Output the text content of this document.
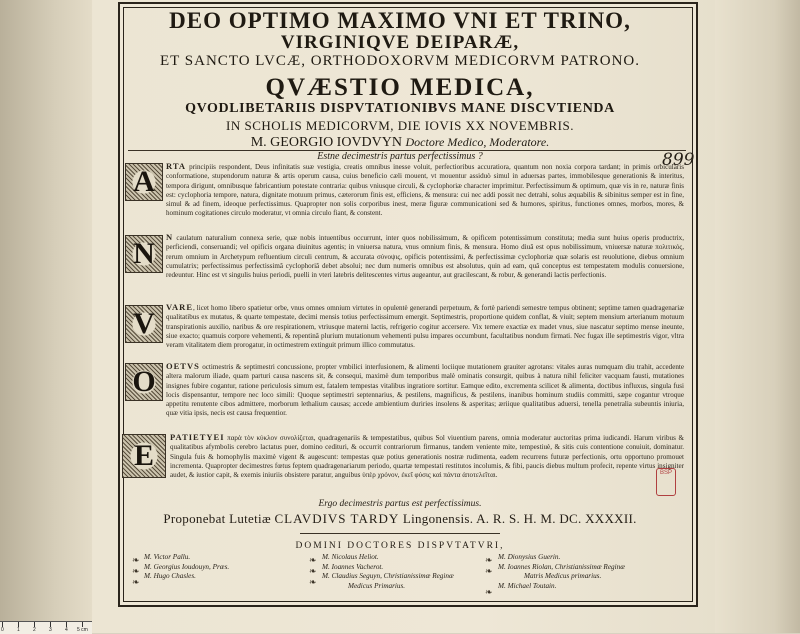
DEO OPTIMO MAXIMO VNI ET TRINO,
VIRGINIQVE DEIPARÆ,
ET SANCTO LVCÆ, ORTHODOXORVM MEDICORVM PATRONO.
QVÆSTIO MEDICA,
QVODLIBETARIIS DISPVTATIONIBVS MANE DISCVTIENDA
IN SCHOLIS MEDICORVM, DIE IOVIS XX NOVEMBRIS.
M. GEORGIO IOVDVYN Doctore Medico, Moderatore.
Estne decimestris partus perfectissimus ?	899
A	RTA principiis respondent, Deus infinitatis suæ vestigia, creatis omnibus inesse voluit, perfectioribus accuratiora, quantum non noxia corpora tardant; in primis orbicularis conformatione, stupendorum naturæ & artis operum causa, cuius beneficio cæli mouent, vt mouentur assiduò simul in aduersas partes, immobilesque generationis & interitus, tempora dirigunt, omnibusque fabricantium potestate contraria: quibus vniusque circuli, & cyclophoriæ character imprimitur. Perfectissimum & optimum, quæ vis in re, naturæ finis est: cyclophoria tempore, natura, dignitate motuum primus, cæterorum finis est, efficiens, & mensura: cui nec addi possit nec detrahi, solus æquabilis & sibinitus semper est in fine, simul & ad finem, ideoque perfectissimus. Quapropter non solis corporibus inest, meræ figuræ communicationi sed & humores, spiritus, functiones omnes, morbos, mores, & hominum cogitationes circulo moderatur, vt omnia circulo fiant, & constent.
N	N caulatum naturalium connexa serie, quæ nobis intuentibus occurrunt, inter quos nobilissimum, & opificem potentissimum constituta; media sunt huius operis productrix, perficiendi, conseruandi; vel opificis organa diuinitus agentis; in vniuersa natura, vnus omnium finis, & mensura. Homo diuâ est opus nobilissimum, vniuersæ naturæ πολιτικός, rerum omnium in Archetypum refluentium circuli centrum, & accurata σύνοψις, opificis potentissimi, & perfectissimæ cyclophoriæ quæ solaris est reuolutione, diebus omnium cumulatrix; perfectissimus perfectissimâ cyclophoriâ debet absolui; nec dum numeris omnibus est absolutus, quin ad eam, quâ conceptus est tempestatem modulis conuersione, redeuntur. Hinc est vt singulis huius periodi, puelli in vteri latebris delitescentes virtus augeantur, aut gracilescant, & robur, & generandi lactis perfectionis.
V	VARE, licet homo libero spatietur orbe, vnus omnes omnium virtutes in opulentè generandi perpetuum, & fortè pariendi semestre tempus obtinent; septime tamen quadragenariæ qualitatibus ex mutatus, & quarte tempestate, decimi mensis totius perfectissimum emergit. Septimestris, proportione quidem conflat, & viuit; septem mensium arterianum motuum transpirationis auxilio, naribus & ore respirationem, vtriusque materni lactis, refrigerio cogitur accersere. Vix temere exactiæ ex madet vnus, siue nascatur septimo mense ineunte, siue exacto; quamuis corpore vehementi, & repentinâ plurium mutationum vehementi pulsu impares occumbunt, facultatibus nondum firmati. Nec fugax ille septimestris vigor, vltra veram vitalitatem diem prorogatur, in octimestrem extinguit primum illico commutatus.
O	OETVS octimestris & septimestri concussione, propter vmbilici interfusionem, & alimenti lociique mutationem grauiter agrotans: vitales auras numquam diu trahit, accedente altera malorum iliade, quam parturi causa nascens sit, & consequi, maximè dum temporibus malè ominatis consurgit, quibus à natura nihil feliciter vacquam fausti, mutationes insignes fubire cogantur, ratione periculosis simum est, fatalem tempestas vitalibus ingratiore sortitur. Eamque edito, excrementa scilicet & alimenta, doctibus influxus, singula fusi locis dispensantur, tempore nec loco simili: Quoque septimestri septennarius, & pestilens, magnificus, & pestilens, inanibus hominum studiis committi, sæpe cogantur vtroque appetitu renutente cibos admittere, morborum lethalium causas; accede ambientium duriries insolens & asperitas; æriique qualitatibus aduersi, tenella penetralia subeuntis iniuria, quæ vitia ipsis, necis est causa frequentior.
E
PATIETYEI παρὰ τὸν κύκλον συνολίζεται, quadragenariis & tempestatibus, quibus Sol viuentium parens, omnia moderatur auctoritas prima iudicandi. Harum viribus & qualitatibus afymbolis cerebro lactatus puer, domino cedituri, & occurrit contrariorum firmanus, tandem veniente mite, tempestiuè, & sitis cuis contentione conuiuit, dominatur. Singula fuis & homophylis maximè vigent & augescunt: tempestas quæ potius generationis nostræ rudimenta, eadem recurrens futuræ perfectionis, ortu opportuno promouet incrementa. Quapropter decimestres fœtus feptem quadragenariarum periodo, quartæ tempestati restitutos incolumis, & fibi, paucis diebus multum profecit, repente virtus insigniter audet, & iustior capit, & exemis iniuriis obsistere paratur, anguibus ὑπὲρ χρόνον, ἐκεῖ φύσις καὶ πάντα ἀποτελεῖται.	BSP
Ergo decimestris partus est perfectissimus.
Proponebat Lutetiæ CLAVDIVS TARDY Lingonensis. A. R. S. H. M. DC. XXXXII.
DOMINI DOCTORES DISPVTATVRI,
❧
❧
❧
M. Victor Pallu.
M. Georgius Ioudouyn, Præs.
M. Hugo Chasles.
❧
❧
❧
M. Nicolaus Heliot.
M. Ioannes Vacherot.
M. Claudius Seguyn, Christianissimæ Reginæ
Medicus Primarius.
❧
❧
❧
M. Dionysius Guerin.
M. Ioannes Riolan, Christianissimæ Reginæ
Matris Medicus primarius.
M. Michael Toutain.
0	1	2	3	4 5 cm
